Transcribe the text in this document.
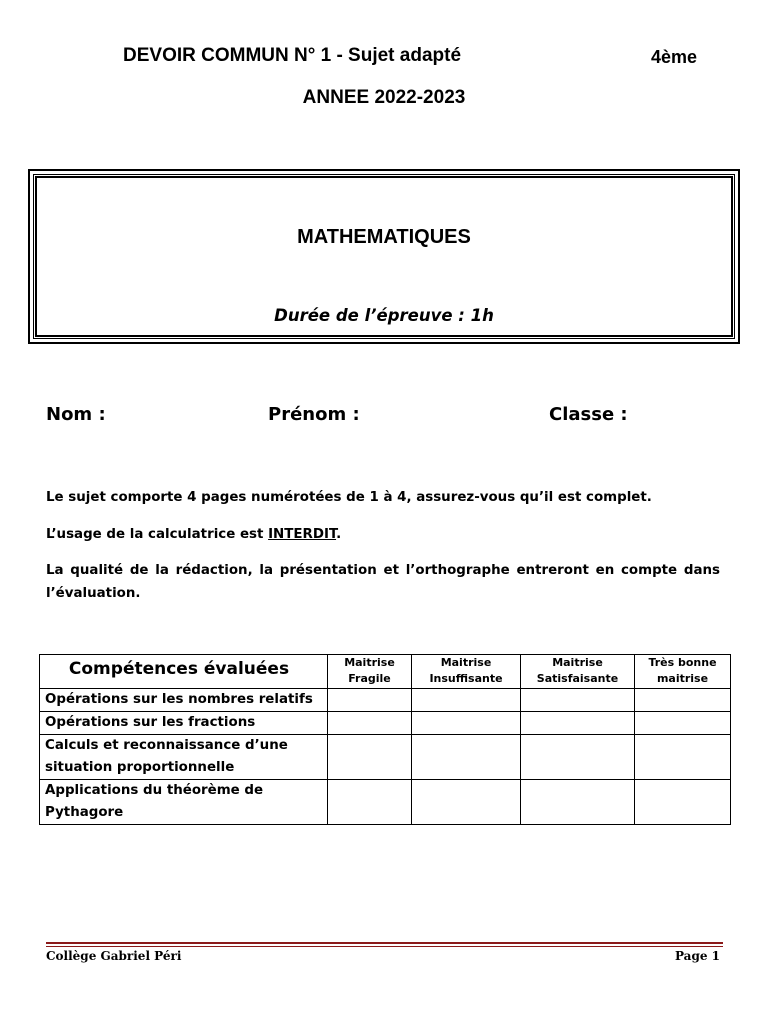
DEVOIR COMMUN N° 1 - Sujet adapté	4ème
ANNEE 2022-2023
MATHEMATIQUES
Durée de l’épreuve : 1h
Nom :	Prénom :	Classe :
Le sujet comporte 4 pages numérotées de 1 à 4, assurez-vous qu’il est complet.
L’usage de la calculatrice est INTERDIT.
La qualité de la rédaction, la présentation et l’orthographe entreront en compte dans l’évaluation.
Compétences évaluées	Maitrise Fragile	Maitrise Insuffisante	Maitrise Satisfaisante	Très bonne maitrise
Opérations sur les nombres relatifs				
Opérations sur les fractions				
Calculs et reconnaissance d’une situation proportionnelle				
Applications du théorème de Pythagore				
Collège Gabriel Péri	Page 1
